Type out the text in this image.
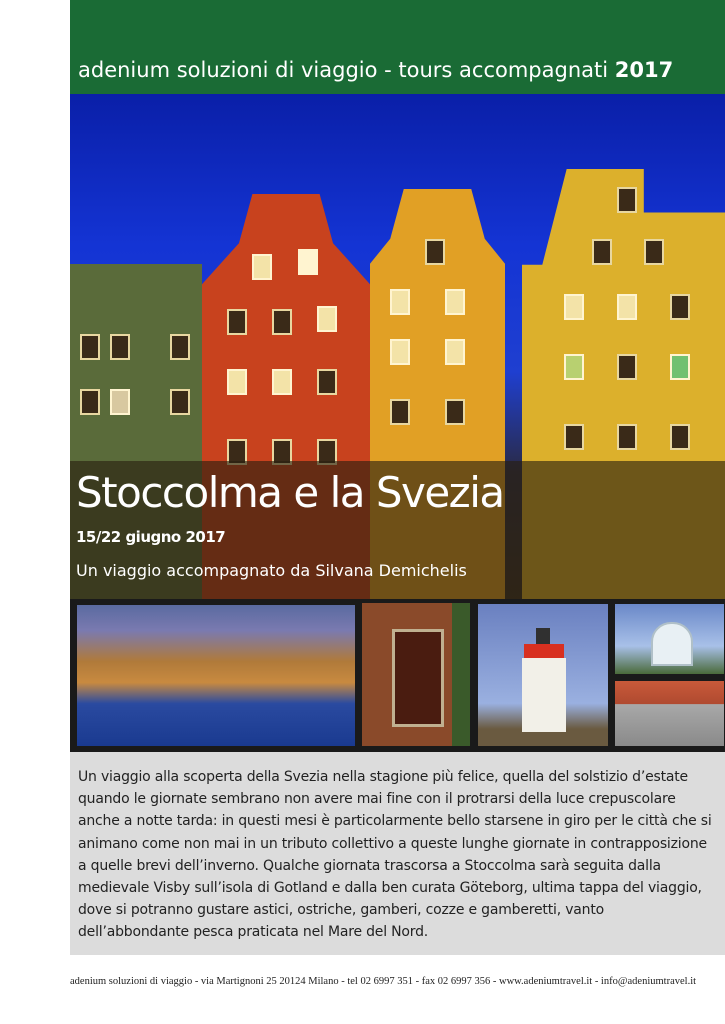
adenium soluzioni di viaggio - tours accompagnati 2017
Stoccolma e la Svezia
15/22 giugno 2017
Un viaggio accompagnato da Silvana Demichelis

Un viaggio alla scoperta della Svezia nella stagione più felice, quella del solstizio d’estate quando le giornate sembrano non avere mai fine con il protrarsi della luce crepuscolare anche a notte tarda: in questi mesi è particolarmente bello starsene in giro per le città che si animano come non mai in un tributo collettivo a queste lunghe giornate in contrapposizione a quelle brevi dell’inverno. Qualche giornata trascorsa a Stoccolma sarà seguita dalla medievale Visby sull’isola di Gotland e dalla ben curata Göteborg, ultima tappa del viaggio, dove si potranno gustare astici, ostriche, gamberi, cozze e gamberetti, vanto dell’abbondante pesca praticata nel Mare del Nord.

adenium soluzioni di viaggio - via Martignoni 25 20124 Milano - tel 02 6997 351 - fax 02 6997 356 - www.adeniumtravel.it - info@adeniumtravel.it
